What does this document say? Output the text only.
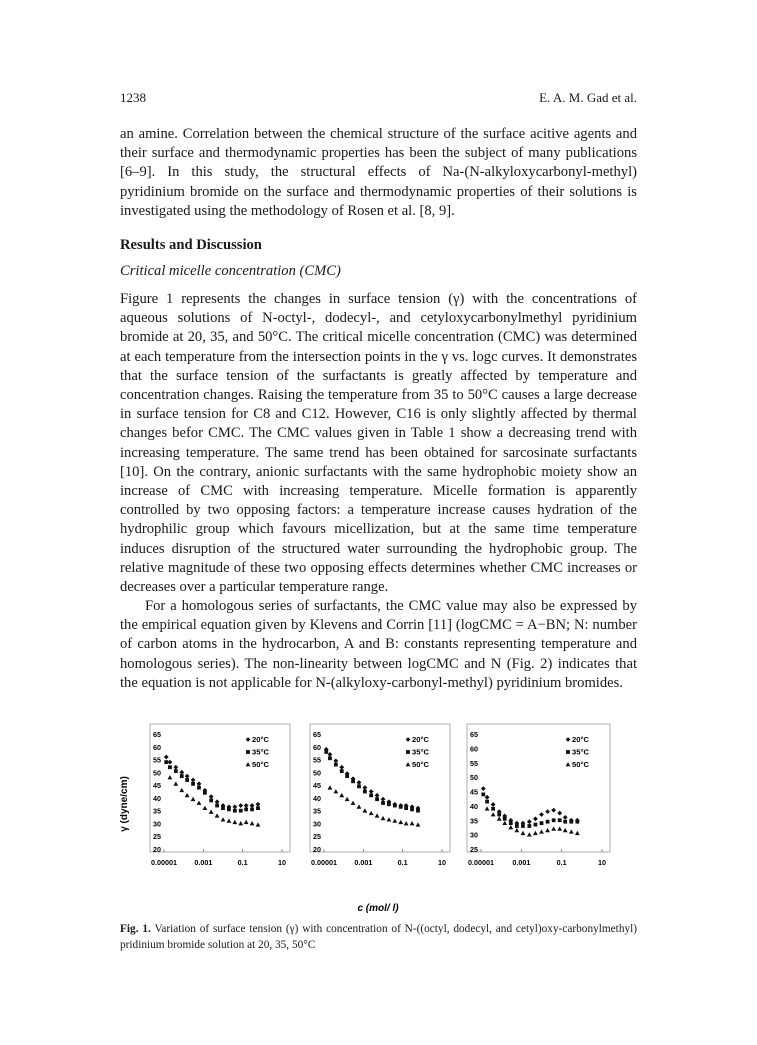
1238	E. A. M. Gad et al.

an amine. Correlation between the chemical structure of the surface acitive agents and their surface and thermodynamic properties has been the subject of many publications [6–9]. In this study, the structural effects of Na-(N-alkyloxycarbonyl-methyl) pyridinium bromide on the surface and thermodynamic properties of their solutions is investigated using the methodology of Rosen et al. [8, 9].

Results and Discussion
Critical micelle concentration (CMC)

Figure 1 represents the changes in surface tension (γ) with the concentrations of aqueous solutions of N-octyl-, dodecyl-, and cetyloxycarbonylmethyl pyridinium bromide at 20, 35, and 50°C. The critical micelle concentration (CMC) was determined at each temperature from the intersection points in the γ vs. logc curves. It demonstrates that the surface tension of the surfactants is greatly affected by temperature and concentration changes. Raising the temperature from 35 to 50°C causes a large decrease in surface tension for C8 and C12. However, C16 is only slightly affected by thermal changes befor CMC. The CMC values given in Table 1 show a decreasing trend with increasing temperature. The same trend has been obtained for sarcosinate surfactants [10]. On the contrary, anionic surfactants with the same hydrophobic moiety show an increase of CMC with increasing temperature. Micelle formation is apparently controlled by two opposing factors: a temperature increase causes hydration of the hydrophilic group which favours micellization, but at the same time temperature induces disruption of the structured water surrounding the hydrophobic group. The relative magnitude of these two opposing effects determines whether CMC increases or decreases over a particular temperature range.

For a homologous series of surfactants, the CMC value may also be expressed by the empirical equation given by Klevens and Corrin [11] (logCMC = A−BN; N: number of carbon atoms in the hydrocarbon, A and B: constants representing temperature and homologous series). The non-linearity between logCMC and N (Fig. 2) indicates that the equation is not applicable for N-(alkyloxy-carbonyl-methyl) pyridinium bromides.

γ (dyne/cm)
c (mol/ l)
20
25
30
35
40
45
50
55
60
65
0.00001 0.001	0.1	10
20°C
35°C
50°C
20
25
30
35
40
45
50
55
60
65
0.00001 0.001	0.1	10
20°C
35°C
50°C
25
30
35
40
45
50
55
60
65
0.00001	0.001	0.1	10
20°C
35°C
50°C
Fig. 1. Variation of surface tension (γ) with concentration of N-((octyl, dodecyl, and cetyl)oxy-carbonylmethyl) pridinium bromide solution at 20, 35, 50°C
